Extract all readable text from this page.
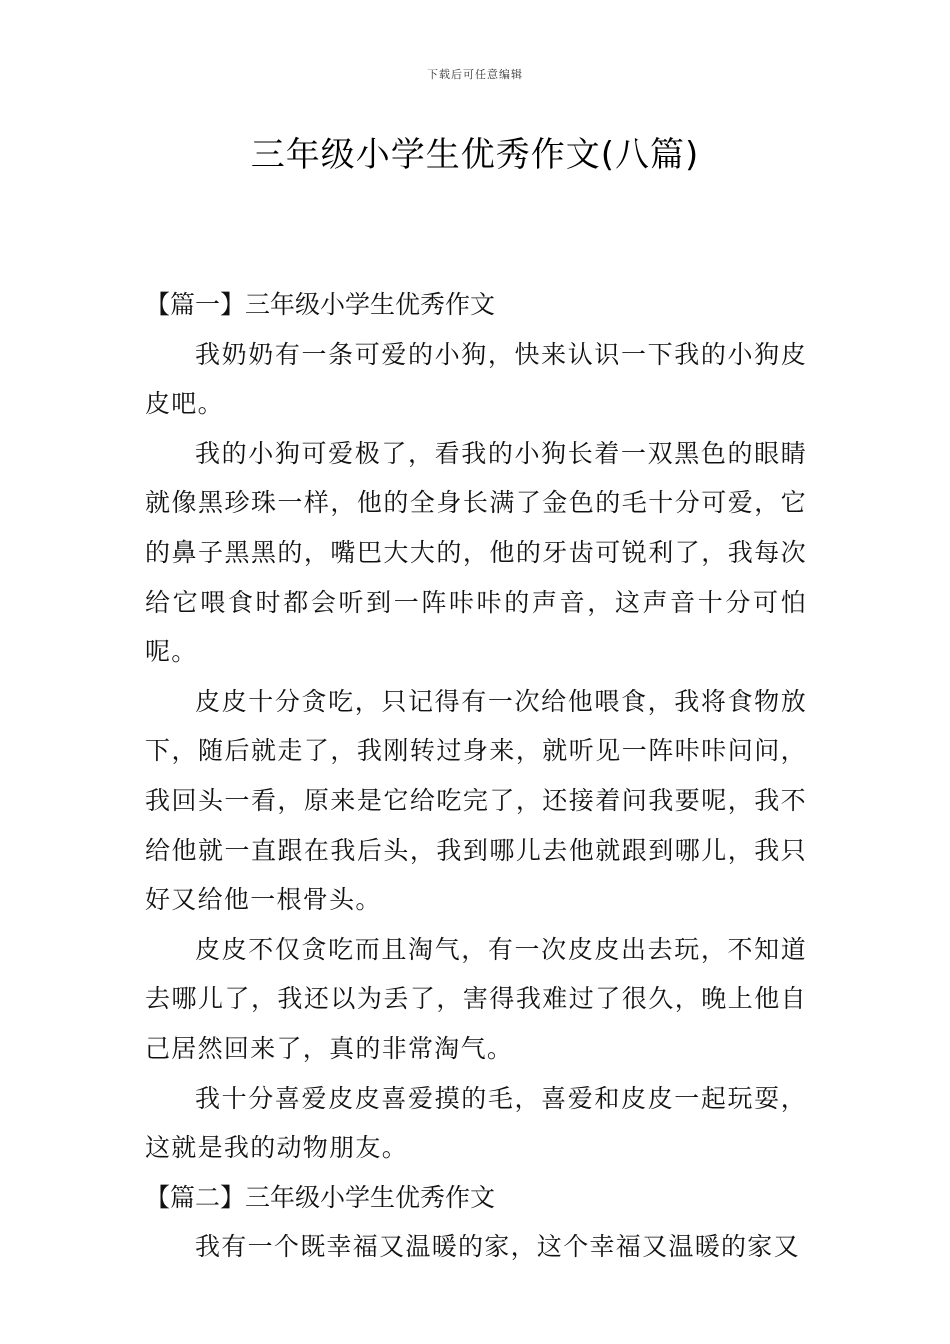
下载后可任意编辑
三年级小学生优秀作文(八篇)

【篇一】三年级小学生优秀作文

我奶奶有一条可爱的小狗，快来认识一下我的小狗皮皮吧。

我的小狗可爱极了，看我的小狗长着一双黑色的眼睛就像黑珍珠一样，他的全身长满了金色的毛十分可爱，它的鼻子黑黑的，嘴巴大大的，他的牙齿可锐利了，我每次给它喂食时都会听到一阵咔咔的声音，这声音十分可怕呢。

皮皮十分贪吃，只记得有一次给他喂食，我将食物放下，随后就走了，我刚转过身来，就听见一阵咔咔问问，我回头一看，原来是它给吃完了，还接着问我要呢，我不给他就一直跟在我后头，我到哪儿去他就跟到哪儿，我只好又给他一根骨头。

皮皮不仅贪吃而且淘气，有一次皮皮出去玩，不知道去哪儿了，我还以为丢了，害得我难过了很久，晚上他自己居然回来了，真的非常淘气。

我十分喜爱皮皮喜爱摸的毛，喜爱和皮皮一起玩耍，这就是我的动物朋友。

【篇二】三年级小学生优秀作文

我有一个既幸福又温暖的家，这个幸福又温暖的家又
